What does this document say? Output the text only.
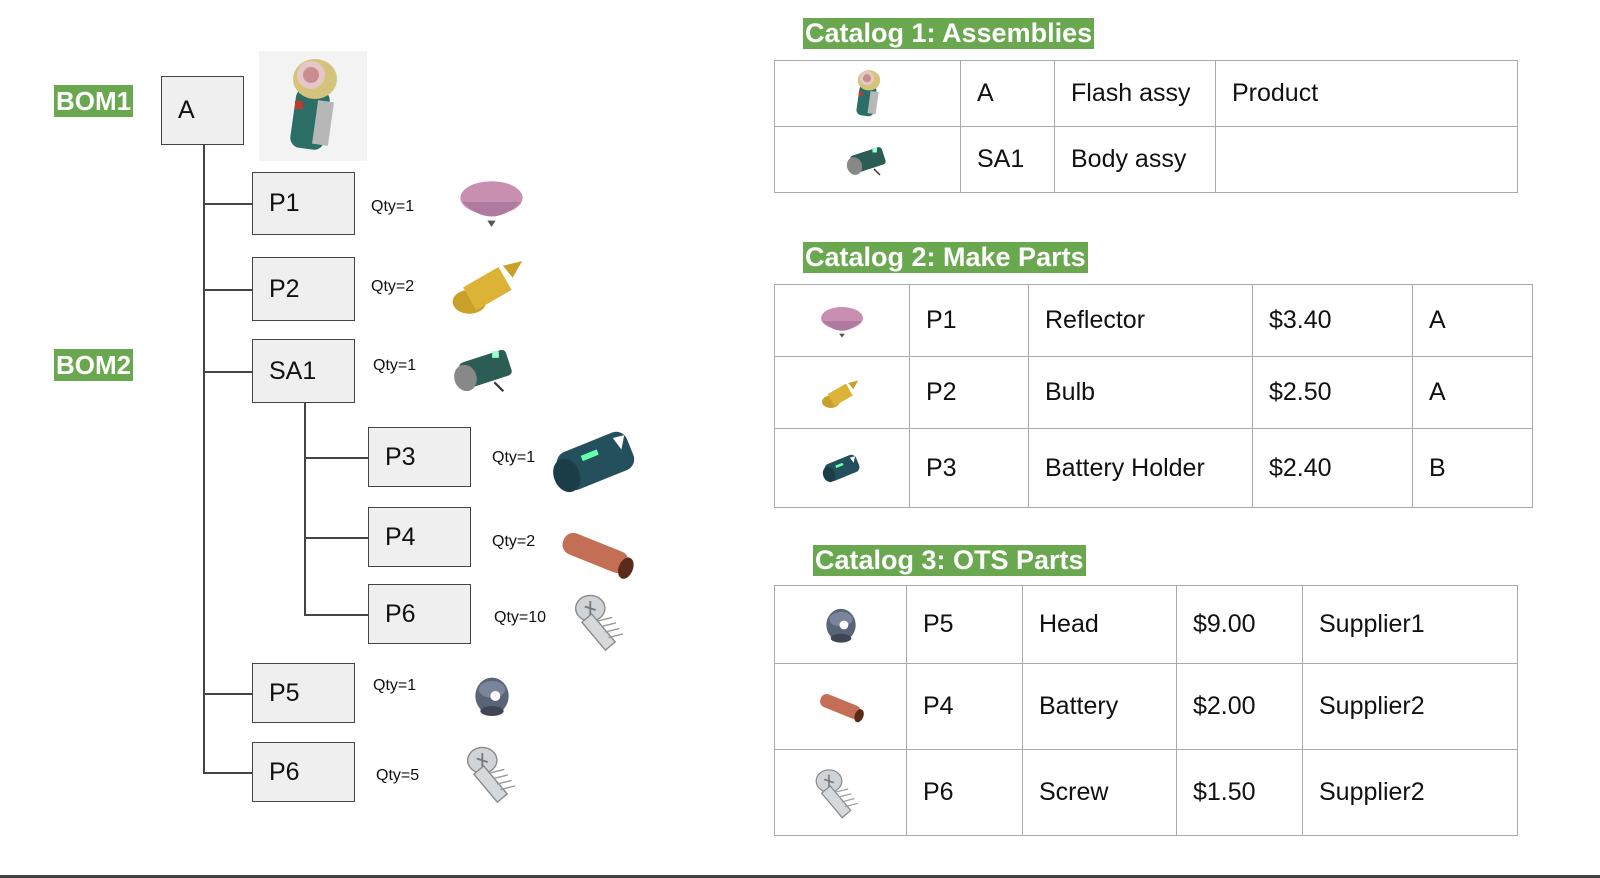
BOM1
BOM2
A
P1	Qty=1
P2	Qty=2
SA1	Qty=1
P3	Qty=1
P4	Qty=2
P6	Qty=10
P5	Qty=1
P6	Qty=5
Catalog 1: Assemblies
	A	Flash assy	Product

	SA1	Body assy	
Catalog 2: Make Parts
	P1	Reflector	$3.40	A

	P2	Bulb	$2.50	A

	P3	Battery Holder	$2.40	B
Catalog 3: OTS Parts
	P5	Head	$9.00	Supplier1

	P4	Battery	$2.00	Supplier2

	P6	Screw	$1.50	Supplier2
